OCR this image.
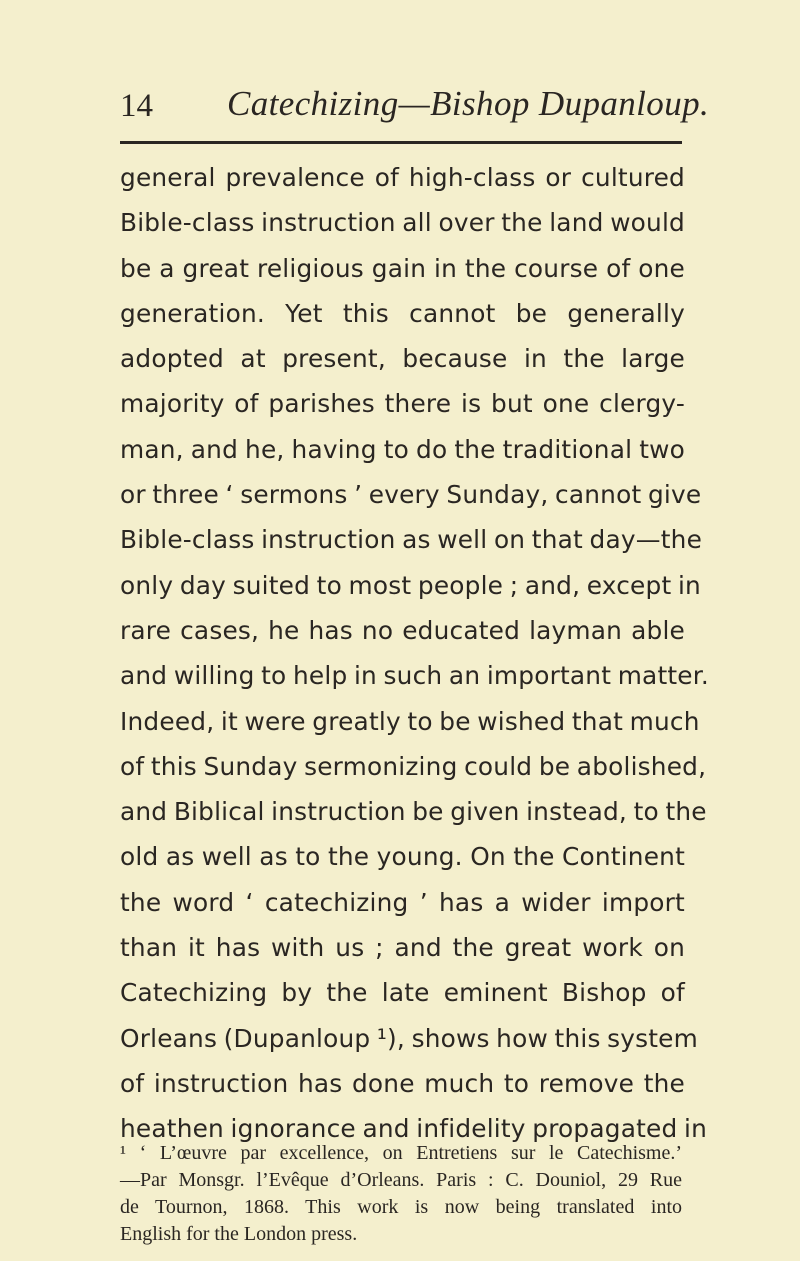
14 Catechizing—Bishop Dupanloup.
general prevalence of high-class or cultured
Bible-class instruction all over the land would
be a great religious gain in the course of one
generation. Yet this cannot be generally
adopted at present, because in the large
majority of parishes there is but one clergy-
man, and he, having to do the traditional two
or three ‘ sermons ’ every Sunday, cannot give
Bible-class instruction as well on that day—the
only day suited to most people ; and, except in
rare cases, he has no educated layman able
and willing to help in such an important matter.
Indeed, it were greatly to be wished that much
of this Sunday sermonizing could be abolished,
and Biblical instruction be given instead, to the
old as well as to the young. On the Continent
the word ‘ catechizing ’ has a wider import
than it has with us ; and the great work on
Catechizing by the late eminent Bishop of
Orleans (Dupanloup ¹), shows how this system
of instruction has done much to remove the
heathen ignorance and infidelity propagated in
¹ ‘ L’œuvre par excellence, on Entretiens sur le Catechisme.’
—Par Monsgr. l’Evêque d’Orleans. Paris : C. Douniol, 29 Rue
de Tournon, 1868. This work is now being translated into
English for the London press.
